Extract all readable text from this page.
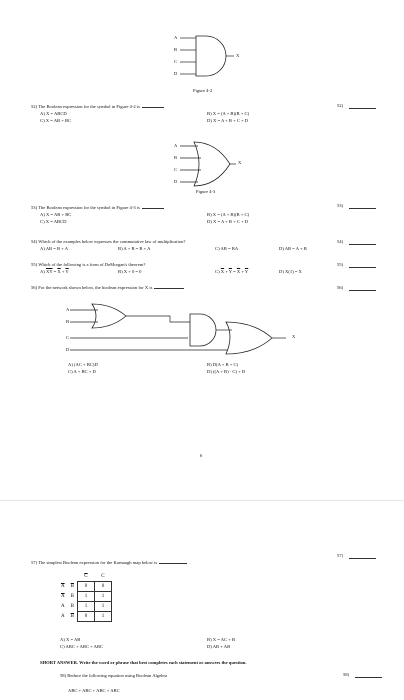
A
B
C
D
X
Figure 4-2
52) The Boolean expression for the symbol in Figure 4-2 is
A) X = ABCD	B) X = (A + B)(B + C)
C) X = AB + BC	D) X = A + B + C + D
52)
A
B
C
D
X
Figure 4-3
53) The Boolean expression for the symbol in Figure 4-3 is
A) X = AB + BC	B) X = (A + B)(B + C)
C) X = ABCD	D) X = A + B + C + D
53)
54) Which of the examples below expresses the commutative law of multiplication?
A) AB = B + A	B) A + B = B + A	C) AB = BA	D) AB = A + B
54)
55) Which of the following is a form of DeMorgan's theorem?
A) $\overline{XY} = \overline{X} + \overline{Y}$	B) X + 0 = 0	C) $\overline{X} + \overline{Y} = \overline{X} + \overline{Y}$	D) X(1) = X
55)
56) For the network shown below, the boolean expression for X is	56)
A
B
C
D
X
A) (AC + BC)D	B) D(A + B + C)
C) A + BC + D	D) ((A + B) · C) + D
6
57) The simplest Boolean expression for the Karnaugh map below is
57)
		$\overline{C}$	C
$\overline{A}$	$\overline{B}$	0	0
$\overline{A}$	B	1	1
A	B	1	1
A	$\overline{B}$	0	1
A) X = AB	B) X = AC + B
C) ABC + ABC + ABC	D) AB + AB
SHORT ANSWER. Write the word or phrase that best completes each statement or answers the question.
58) Reduce the following equation using Boolean Algebra	58)
ABC + ABC + ABC + ABC
